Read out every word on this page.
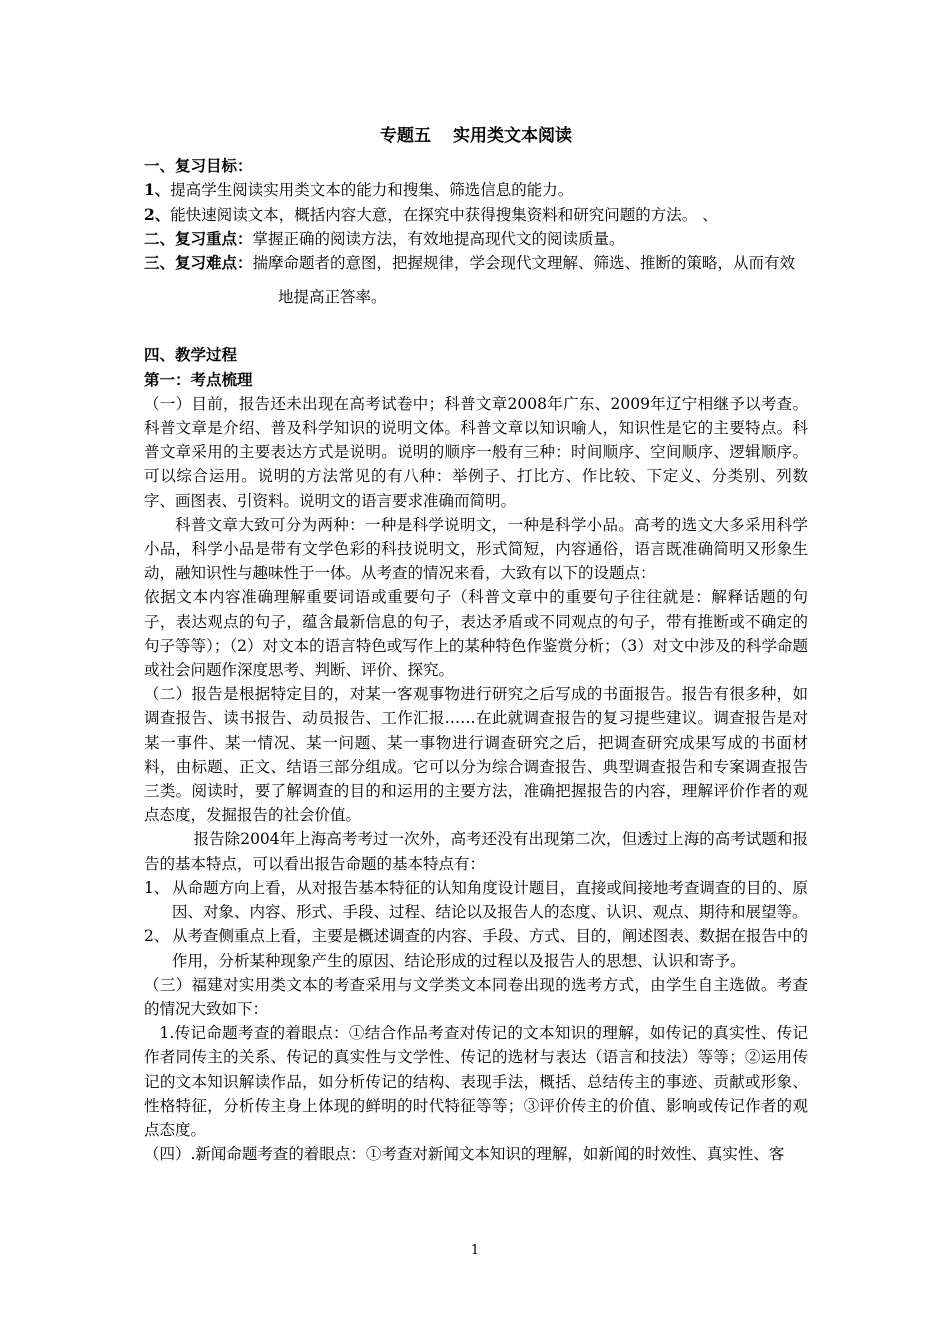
专题五 实用类文本阅读

一、复习目标：

1、提高学生阅读实用类文本的能力和搜集、筛选信息的能力。

2、能快速阅读文本，概括内容大意，在探究中获得搜集资料和研究问题的方法。 、

二、复习重点：掌握正确的阅读方法，有效地提高现代文的阅读质量。

三、复习难点：揣摩命题者的意图，把握规律，学会现代文理解、筛选、推断的策略，从而有效

地提高正答率。

四、教学过程

第一：考点梳理

（一）目前，报告还未出现在高考试卷中；科普文章2008年广东、2009年辽宁相继予以考查。科普文章是介绍、普及科学知识的说明文体。科普文章以知识喻人，知识性是它的主要特点。科普文章采用的主要表达方式是说明。说明的顺序一般有三种：时间顺序、空间顺序、逻辑顺序。可以综合运用。说明的方法常见的有八种：举例子、打比方、作比较、下定义、分类别、列数字、画图表、引资料。说明文的语言要求准确而简明。

科普文章大致可分为两种：一种是科学说明文，一种是科学小品。高考的选文大多采用科学小品，科学小品是带有文学色彩的科技说明文，形式简短，内容通俗，语言既准确简明又形象生动，融知识性与趣味性于一体。从考查的情况来看，大致有以下的设题点：

依据文本内容准确理解重要词语或重要句子（科普文章中的重要句子往往就是：解释话题的句子，表达观点的句子，蕴含最新信息的句子，表达矛盾或不同观点的句子，带有推断或不确定的句子等等）；（2）对文本的语言特色或写作上的某种特色作鉴赏分析；（3）对文中涉及的科学命题或社会问题作深度思考、判断、评价、探究。

（二）报告是根据特定目的，对某一客观事物进行研究之后写成的书面报告。报告有很多种，如调查报告、读书报告、动员报告、工作汇报……在此就调查报告的复习提些建议。调查报告是对某一事件、某一情况、某一问题、某一事物进行调查研究之后，把调查研究成果写成的书面材料，由标题、正文、结语三部分组成。它可以分为综合调查报告、典型调查报告和专案调查报告三类。阅读时，要了解调查的目的和运用的主要方法，准确把握报告的内容，理解评价作者的观点态度，发掘报告的社会价值。

报告除2004年上海高考考过一次外，高考还没有出现第二次，但透过上海的高考试题和报告的基本特点，可以看出报告命题的基本特点有：

1、 从命题方向上看，从对报告基本特征的认知角度设计题目，直接或间接地考查调查的目的、原因、对象、内容、形式、手段、过程、结论以及报告人的态度、认识、观点、期待和展望等。
2、 从考查侧重点上看，主要是概述调查的内容、手段、方式、目的，阐述图表、数据在报告中的作用，分析某种现象产生的原因、结论形成的过程以及报告人的思想、认识和寄予。

（三）福建对实用类文本的考查采用与文学类文本同卷出现的选考方式，由学生自主选做。考查的情况大致如下：

1.传记命题考查的着眼点：①结合作品考查对传记的文本知识的理解，如传记的真实性、传记作者同传主的关系、传记的真实性与文学性、传记的选材与表达（语言和技法）等等；②运用传记的文本知识解读作品，如分析传记的结构、表现手法，概括、总结传主的事迹、贡献或形象、性格特征，分析传主身上体现的鲜明的时代特征等等；③评价传主的价值、影响或传记作者的观点态度。

（四）.新闻命题考查的着眼点：①考查对新闻文本知识的理解，如新闻的时效性、真实性、客

1
